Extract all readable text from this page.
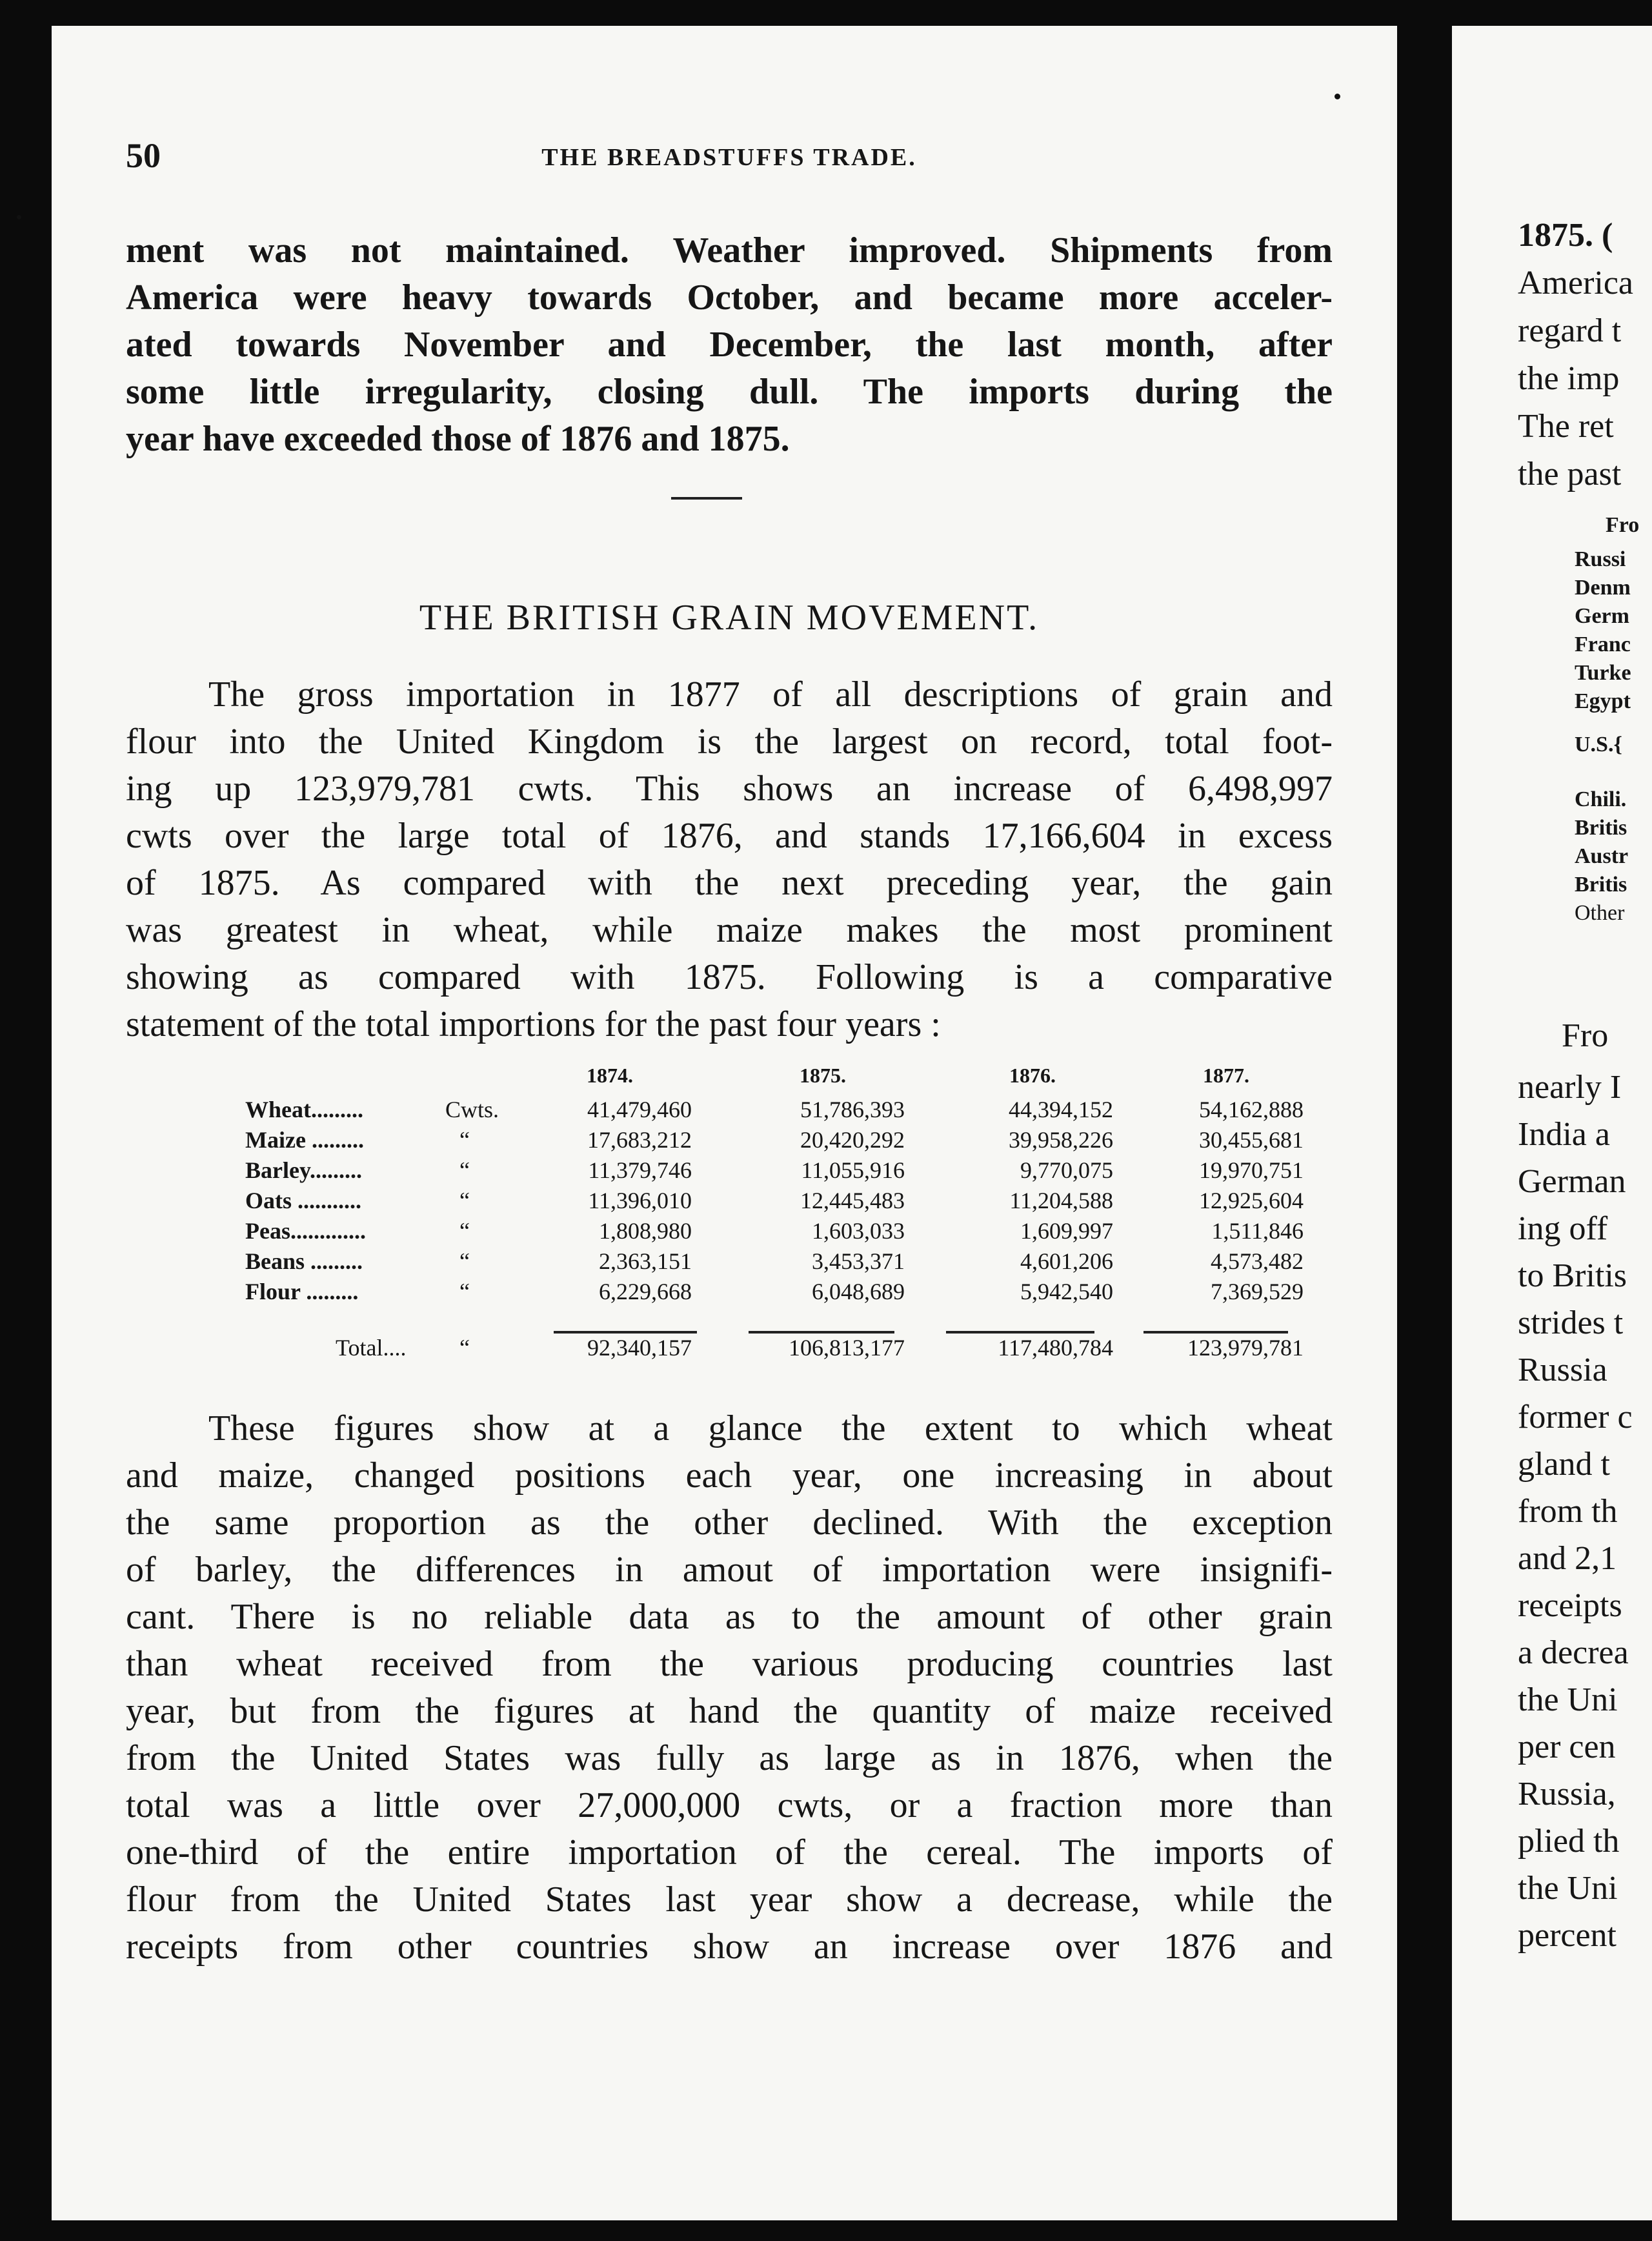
50	THE BREADSTUFFS TRADE.

ment was not maintained. Weather improved. Shipments from

America were heavy towards October, and became more acceler-

ated towards November and December, the last month, after

some little irregularity, closing dull. The imports during the

year have exceeded those of 1876 and 1875.

THE BRITISH GRAIN MOVEMENT.

The gross importation in 1877 of all descriptions of grain and

flour into the United Kingdom is the largest on record, total foot-

ing up 123,979,781 cwts. This shows an increase of 6,498,997

cwts over the large total of 1876, and stands 17,166,604 in excess

of 1875. As compared with the next preceding year, the gain

was greatest in wheat, while maize makes the most prominent

showing as compared with 1875. Following is a comparative

statement of the total importions for the past four years :

1874.	1875.	1876.	1877.
Wheat.........	Cwts.	41,479,460	51,786,393	44,394,152	54,162,888
Maize .........	“	17,683,212	20,420,292	39,958,226	30,455,681
Barley.........	“	11,379,746	11,055,916	9,770,075	19,970,751
Oats ...........	“	11,396,010	12,445,483	11,204,588	12,925,604
Peas.............	“	1,808,980	1,603,033	1,609,997	1,511,846
Beans .........	“	2,363,151	3,453,371	4,601,206	4,573,482
Flour .........	“	6,229,668	6,048,689	5,942,540	7,369,529
Total....	“	92,340,157	106,813,177	117,480,784	123,979,781

These figures show at a glance the extent to which wheat

and maize, changed positions each year, one increasing in about

the same proportion as the other declined. With the exception

of barley, the differences in amout of importation were insignifi-

cant. There is no reliable data as to the amount of other grain

than wheat received from the various producing countries last

year, but from the figures at hand the quantity of maize received

from the United States was fully as large as in 1876, when the

total was a little over 27,000,000 cwts, or a fraction more than

one-third of the entire importation of the cereal. The imports of

flour from the United States last year show a decrease, while the

receipts from other countries show an increase over 1876 and

1875. (
America
regard t
the imp
The ret
the past
Fro
Russi
Denm
Germ
Franc
Turke
Egypt
U.S.{
Chili.
Britis
Austr
Britis
Other
Fro
nearly I
India a
German
ing off
to Britis
strides t
Russia
former c
gland t
from th
and 2,1
receipts
a decrea
the Uni
per cen
Russia,
plied th
the Uni
percent
